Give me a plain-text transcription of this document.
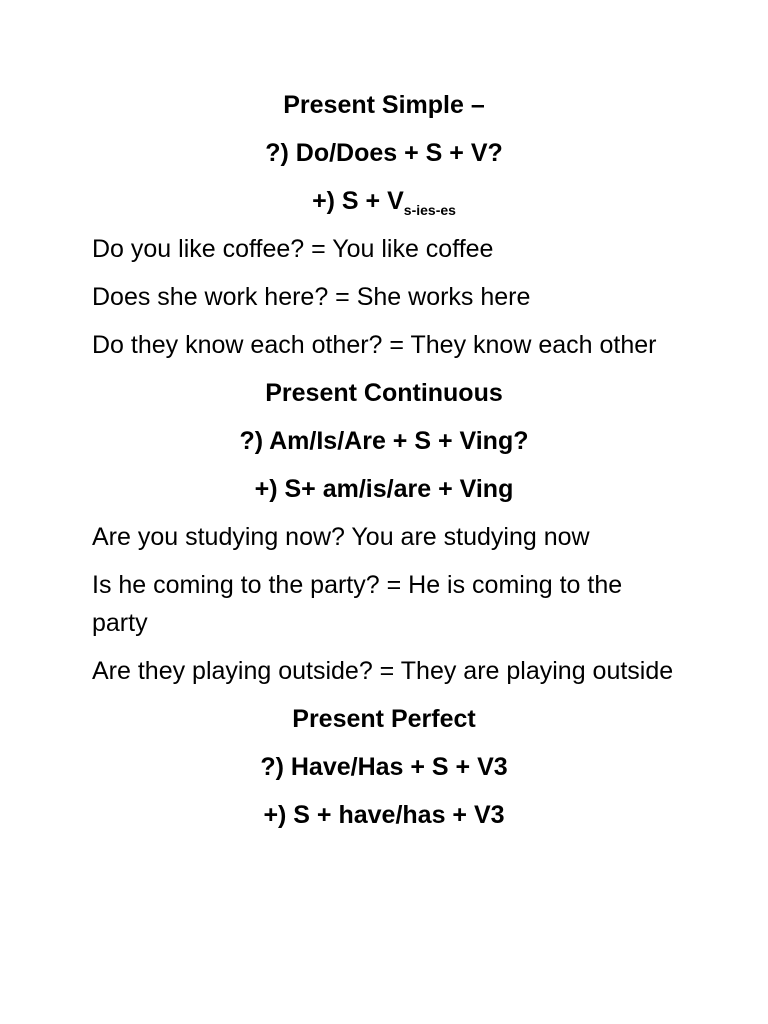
Present Simple –
?) Do/Does + S + V?
+) $S + V_{s-ies-es}$
Do you like coffee? = You like coffee
Does she work here? = She works here
Do they know each other? = They know each other
Present Continuous
?) Am/Is/Are + S + Ving?
+) S+ am/is/are + Ving
Are you studying now? You are studying now
Is he coming to the party? = He is coming to the party
Are they playing outside? = They are playing outside
Present Perfect
?) Have/Has + S + V3
+) S + have/has + V3
